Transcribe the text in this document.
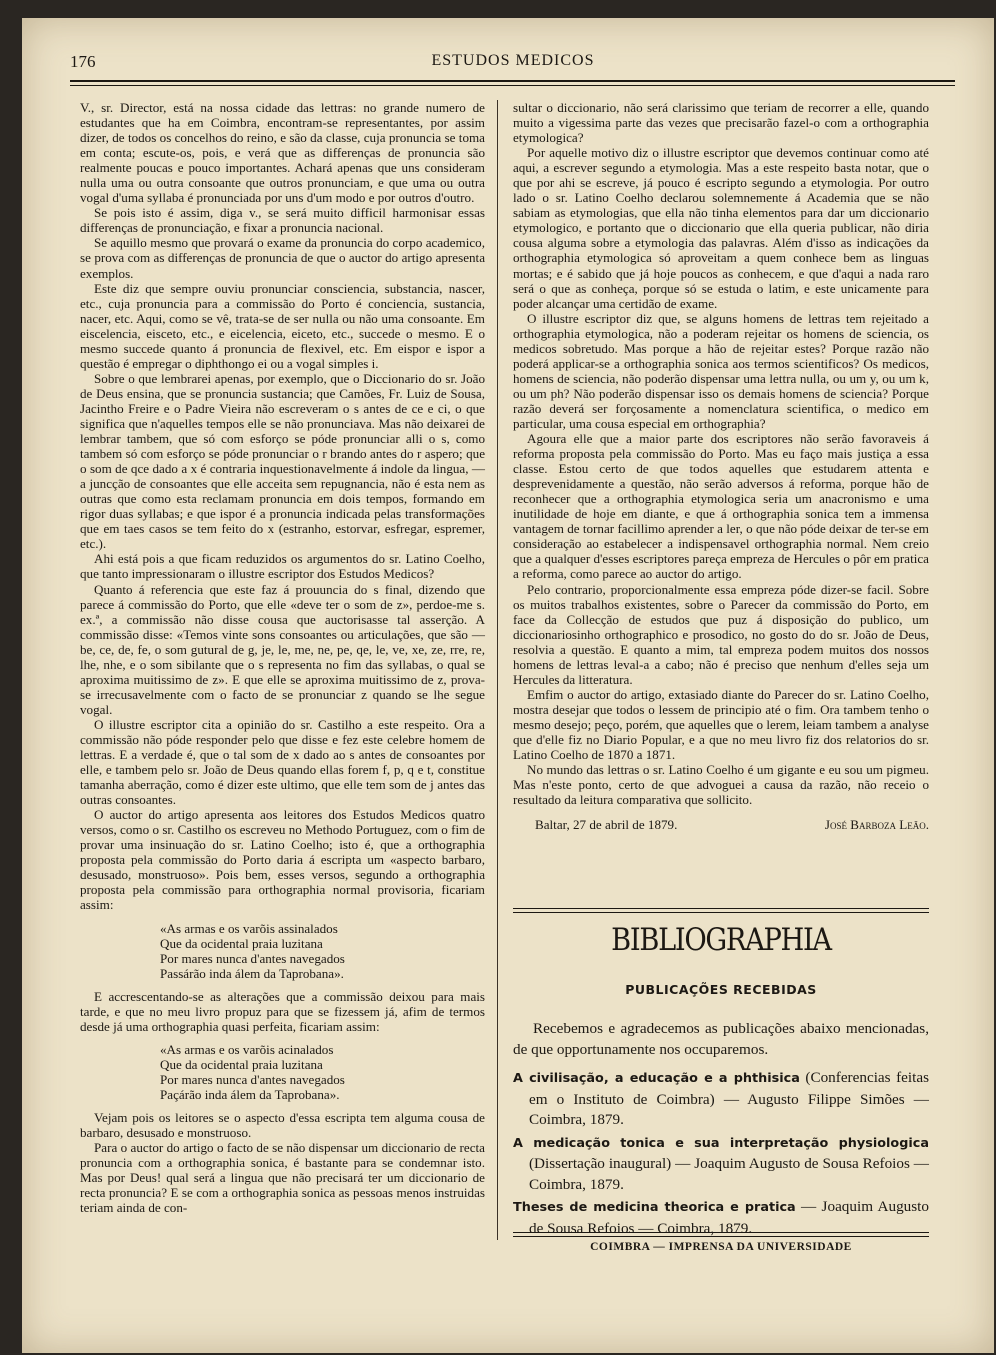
176	ESTUDOS MEDICOS

V., sr. Director, está na nossa cidade das lettras: no grande numero de estudantes que ha em Coimbra, encontram-se representantes, por assim dizer, de todos os concelhos do reino, e são da classe, cuja pronuncia se toma em conta; escute-os, pois, e verá que as differenças de pronuncia são realmente poucas e pouco importantes. Achará apenas que uns consideram nulla uma ou outra consoante que outros pronunciam, e que uma ou outra vogal d'uma syllaba é pronunciada por uns d'um modo e por outros d'outro.

Se pois isto é assim, diga v., se será muito difficil harmonisar essas differenças de pronunciação, e fixar a pronuncia nacional.

Se aquillo mesmo que provará o exame da pronuncia do corpo academico, se prova com as differenças de pronuncia de que o auctor do artigo apresenta exemplos.

Este diz que sempre ouviu pronunciar consciencia, substancia, nascer, etc., cuja pronuncia para a commissão do Porto é conciencia, sustancia, nacer, etc. Aqui, como se vê, trata-se de ser nulla ou não uma consoante. Em eiscelencia, eisceto, etc., e eicelencia, eiceto, etc., succede o mesmo. E o mesmo succede quanto á pronuncia de flexivel, etc. Em eispor e ispor a questão é empregar o diphthongo ei ou a vogal simples i.

Sobre o que lembrarei apenas, por exemplo, que o Diccionario do sr. João de Deus ensina, que se pronuncia sustancia; que Camões, Fr. Luiz de Sousa, Jacintho Freire e o Padre Vieira não escreveram o s antes de ce e ci, o que significa que n'aquelles tempos elle se não pronunciava. Mas não deixarei de lembrar tambem, que só com esforço se póde pronunciar alli o s, como tambem só com esforço se póde pronunciar o r brando antes do r aspero; que o som de qce dado a x é contraria inquestionavelmente á indole da lingua, — a juncção de consoantes que elle acceita sem repugnancia, não é esta nem as outras que como esta reclamam pronuncia em dois tempos, formando em rigor duas syllabas; e que ispor é a pronuncia indicada pelas transformações que em taes casos se tem feito do x (estranho, estorvar, esfregar, espremer, etc.).

Ahi está pois a que ficam reduzidos os argumentos do sr. Latino Coelho, que tanto impressionaram o illustre escriptor dos Estudos Medicos?

Quanto á referencia que este faz á prouuncia do s final, dizendo que parece á commissão do Porto, que elle «deve ter o som de z», perdoe-me s. ex.ª, a commissão não disse cousa que auctorisasse tal asserção. A commissão disse: «Temos vinte sons consoantes ou articulações, que são — be, ce, de, fe, o som gutural de g, je, le, me, ne, pe, qe, le, ve, xe, ze, rre, re, lhe, nhe, e o som sibilante que o s representa no fim das syllabas, o qual se aproxima muitissimo de z». E que elle se aproxima muitissimo de z, prova-se irrecusavelmente com o facto de se pronunciar z quando se lhe segue vogal.

O illustre escriptor cita a opinião do sr. Castilho a este respeito. Ora a commissão não póde responder pelo que disse e fez este celebre homem de lettras. E a verdade é, que o tal som de x dado ao s antes de consoantes por elle, e tambem pelo sr. João de Deus quando ellas forem f, p, q e t, constitue tamanha aberração, como é dizer este ultimo, que elle tem som de j antes das outras consoantes.

O auctor do artigo apresenta aos leitores dos Estudos Medicos quatro versos, como o sr. Castilho os escreveu no Methodo Portuguez, com o fim de provar uma insinuação do sr. Latino Coelho; isto é, que a orthographia proposta pela commissão do Porto daria á escripta um «aspecto barbaro, desusado, monstruoso». Pois bem, esses versos, segundo a orthographia proposta pela commissão para orthographia normal provisoria, ficariam assim:

«As armas e os varõis assinalados
Que da ocidental praia luzitana
Por mares nunca d'antes navegados
Passárão inda álem da Taprobana».

E accrescentando-se as alterações que a commissão deixou para mais tarde, e que no meu livro propuz para que se fizessem já, afim de termos desde já uma orthographia quasi perfeita, ficariam assim:

«As armas e os varõis acinalados
Que da ocidental praia luzitana
Por mares nunca d'antes navegados
Paçárão inda álem da Taprobana».

Vejam pois os leitores se o aspecto d'essa escripta tem alguma cousa de barbaro, desusado e monstruoso.

Para o auctor do artigo o facto de se não dispensar um diccionario de recta pronuncia com a orthographia sonica, é bastante para se condemnar isto. Mas por Deus! qual será a lingua que não precisará ter um diccionario de recta pronuncia? E se com a orthographia sonica as pessoas menos instruidas teriam ainda de con-

sultar o diccionario, não será clarissimo que teriam de recorrer a elle, quando muito a vigessima parte das vezes que precisarão fazel-o com a orthographia etymologica?

Por aquelle motivo diz o illustre escriptor que devemos continuar como até aqui, a escrever segundo a etymologia. Mas a este respeito basta notar, que o que por ahi se escreve, já pouco é escripto segundo a etymologia. Por outro lado o sr. Latino Coelho declarou solemnemente á Academia que se não sabiam as etymologias, que ella não tinha elementos para dar um diccionario etymologico, e portanto que o diccionario que ella queria publicar, não diria cousa alguma sobre a etymologia das palavras. Além d'isso as indicações da orthographia etymologica só aproveitam a quem conhece bem as linguas mortas; e é sabido que já hoje poucos as conhecem, e que d'aqui a nada raro será o que as conheça, porque só se estuda o latim, e este unicamente para poder alcançar uma certidão de exame.

O illustre escriptor diz que, se alguns homens de lettras tem rejeitado a orthographia etymologica, não a poderam rejeitar os homens de sciencia, os medicos sobretudo. Mas porque a hão de rejeitar estes? Porque razão não poderá applicar-se a orthographia sonica aos termos scientificos? Os medicos, homens de sciencia, não poderão dispensar uma lettra nulla, ou um y, ou um k, ou um ph? Não poderão dispensar isso os demais homens de sciencia? Porque razão deverá ser forçosamente a nomenclatura scientifica, o medico em particular, uma cousa especial em orthographia?

Agoura elle que a maior parte dos escriptores não serão favoraveis á reforma proposta pela commissão do Porto. Mas eu faço mais justiça a essa classe. Estou certo de que todos aquelles que estudarem attenta e desprevenidamente a questão, não serão adversos á reforma, porque hão de reconhecer que a orthographia etymologica seria um anacronismo e uma inutilidade de hoje em diante, e que á orthographia sonica tem a immensa vantagem de tornar facillimo aprender a ler, o que não póde deixar de ter-se em consideração ao estabelecer a indispensavel orthographia normal. Nem creio que a qualquer d'esses escriptores pareça empreza de Hercules o pôr em pratica a reforma, como parece ao auctor do artigo.

Pelo contrario, proporcionalmente essa empreza póde dizer-se facil. Sobre os muitos trabalhos existentes, sobre o Parecer da commissão do Porto, em face da Collecção de estudos que puz á disposição do publico, um diccionariosinho orthographico e prosodico, no gosto do do sr. João de Deus, resolvia a questão. E quanto a mim, tal empreza podem muitos dos nossos homens de lettras leval-a a cabo; não é preciso que nenhum d'elles seja um Hercules da litteratura.

Emfim o auctor do artigo, extasiado diante do Parecer do sr. Latino Coelho, mostra desejar que todos o lessem de principio até o fim. Ora tambem tenho o mesmo desejo; peço, porém, que aquelles que o lerem, leiam tambem a analyse que d'elle fiz no Diario Popular, e a que no meu livro fiz dos relatorios do sr. Latino Coelho de 1870 a 1871.

No mundo das lettras o sr. Latino Coelho é um gigante e eu sou um pigmeu. Mas n'este ponto, certo de que advoguei a causa da razão, não receio o resultado da leitura comparativa que sollicito.

Baltar, 27 de abril de 1879.	José Barboza Leão.
BIBLIOGRAPHIA
PUBLICAÇÕES RECEBIDAS

Recebemos e agradecemos as publicações abaixo mencionadas, de que opportunamente nos occuparemos.

A civilisação, a educação e a phthisica (Conferencias feitas em o Instituto de Coimbra) — Augusto Filippe Simões — Coimbra, 1879.

A medicação tonica e sua interpretação physiologica (Dissertação inaugural) — Joaquim Augusto de Sousa Refoios — Coimbra, 1879.

Theses de medicina theorica e pratica — Joaquim Augusto de Sousa Refoios — Coimbra, 1879.

COIMBRA — IMPRENSA DA UNIVERSIDADE
